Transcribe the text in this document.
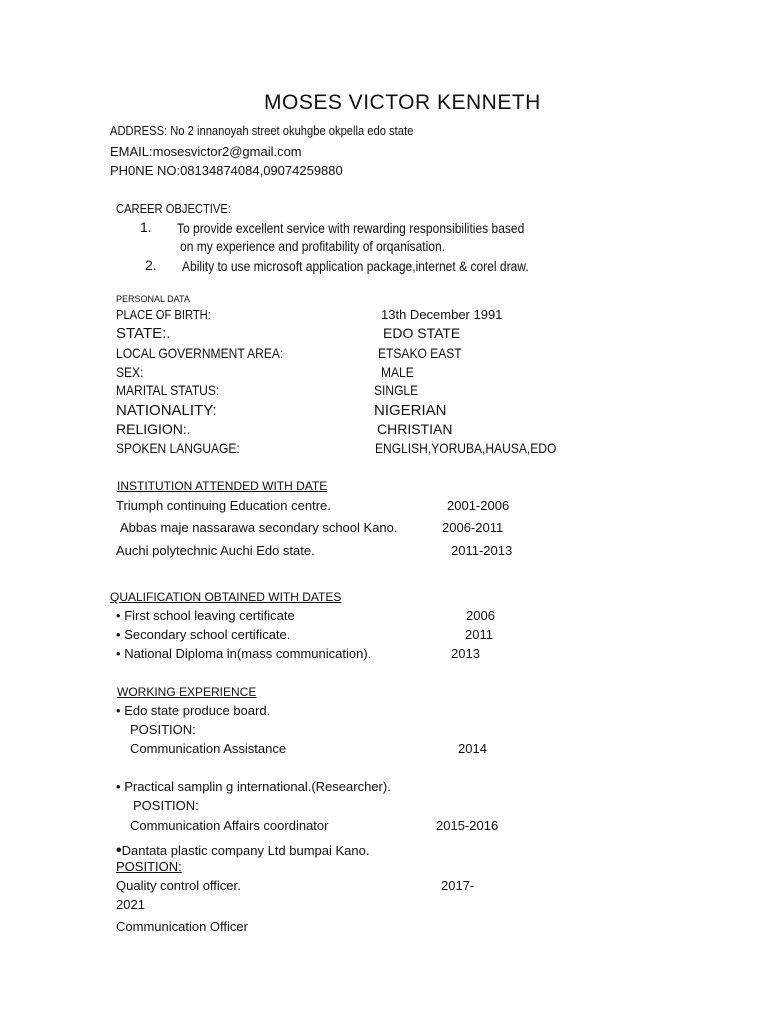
MOSES VICTOR KENNETH
ADDRESS: No 2 innanoyah street okuhgbe okpella edo state
EMAIL:mosesvictor2@gmail.com
PH0NE NO:08134874084,09074259880
CAREER OBJECTIVE:
1. To provide excellent service with rewarding responsibilities based
on my experience and profitability of orqanisation.
2. Ability to use microsoft application package,internet & corel draw.
PERSONAL DATA
PLACE OF BIRTH:	13th December 1991
STATE:.	EDO STATE
LOCAL GOVERNMENT AREA:	ETSAKO EAST
SEX:	MALE
MARITAL STATUS:	SINGLE
NATIONALITY:	NIGERIAN
RELIGION:.	CHRISTIAN
SPOKEN LANGUAGE:	ENGLISH,YORUBA,HAUSA,EDO
INSTITUTION ATTENDED WITH DATE
Triumph continuing Education centre.	2001-2006
Abbas maje nassarawa secondary school Kano.	2006-2011
Auchi polytechnic Auchi Edo state.	2011-2013
QUALIFICATION OBTAINED WITH DATES
• First school leaving certificate	2006
• Secondary school certificate.	2011
• National Diploma in(mass communication).	2013
WORKING EXPERIENCE
• Edo state produce board.
POSITION:
Communication Assistance	2014
• Practical samplin g international.(Researcher).
POSITION:
Communication Affairs coordinator	2015-2016
•Dantata plastic company Ltd bumpai Kano.
POSITION:
Quality control officer.	2017-
2021
Communication Officer
